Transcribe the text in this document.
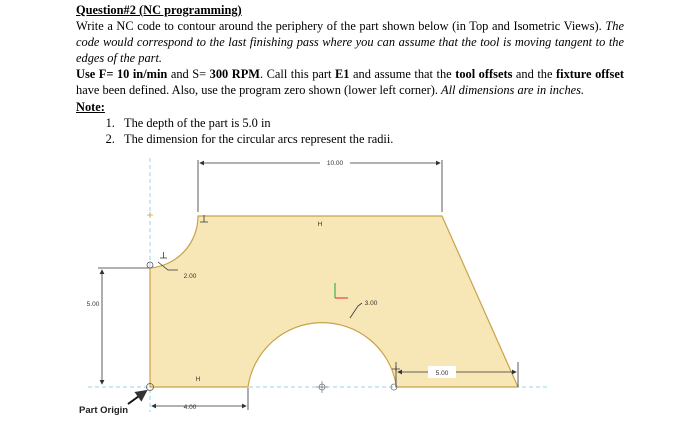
Question#2 (NC programming)

Write a NC code to contour around the periphery of the part shown below (in Top and Isometric Views). The code would correspond to the last finishing pass where you can assume that the tool is moving tangent to the edges of the part.

Use F= 10 in/min and S= 300 RPM. Call this part E1 and assume that the tool offsets and the fixture offset have been defined. Also, use the program zero shown (lower left corner). All dimensions are in inches.

Note:
1. The depth of the part is 5.0 in
2. The dimension for the circular arcs represent the radii.
10.00
5.00
2.00
3.00
5.00
4.00
H
H
Part Origin
